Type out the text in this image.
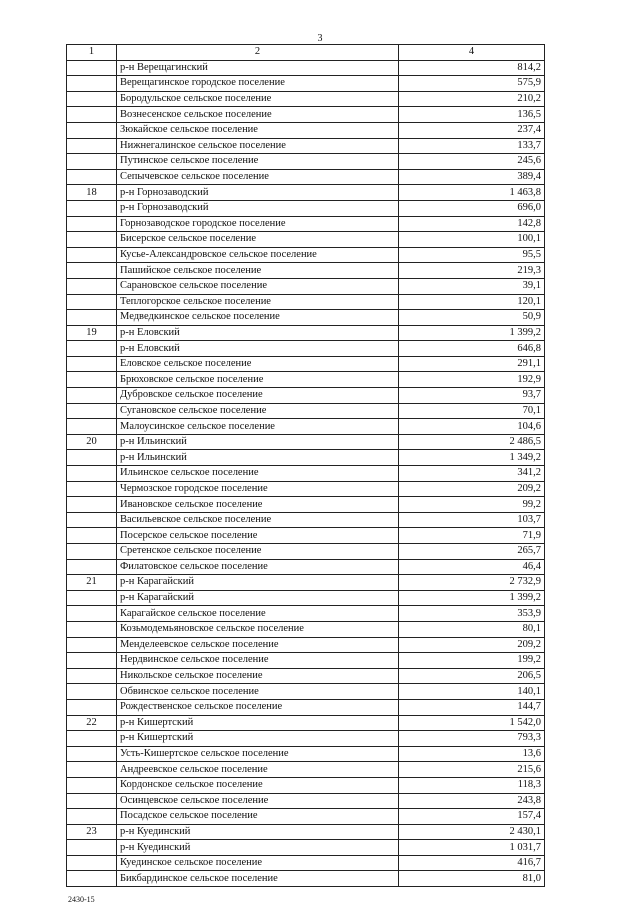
3
1	2	4
	р-н Верещагинский	814,2
	Верещагинское городское поселение	575,9
	Бородульское сельское поселение	210,2
	Вознесенское сельское поселение	136,5
	Зюкайское сельское поселение	237,4
	Нижнегалинское сельское поселение	133,7
	Путинское сельское поселение	245,6
	Сепычевское сельское поселение	389,4
18	р-н Горнозаводский	1 463,8
	р-н Горнозаводский	696,0
	Горнозаводское городское поселение	142,8
	Бисерское сельское поселение	100,1
	Кусье-Александровское сельское поселение	95,5
	Пашийское сельское поселение	219,3
	Сарановское сельское поселение	39,1
	Теплогорское сельское поселение	120,1
	Медведкинское сельское поселение	50,9
19	р-н Еловский	1 399,2
	р-н Еловский	646,8
	Еловское сельское поселение	291,1
	Брюховское сельское поселение	192,9
	Дубровское сельское поселение	93,7
	Сугановское сельское поселение	70,1
	Малоусинское сельское поселение	104,6
20	р-н Ильинский	2 486,5
	р-н Ильинский	1 349,2
	Ильинское сельское поселение	341,2
	Чермозское городское поселение	209,2
	Ивановское сельское поселение	99,2
	Васильевское сельское поселение	103,7
	Посерское сельское поселение	71,9
	Сретенское сельское поселение	265,7
	Филатовское сельское поселение	46,4
21	р-н Карагайский	2 732,9
	р-н Карагайский	1 399,2
	Карагайское сельское поселение	353,9
	Козьмодемьяновское сельское поселение	80,1
	Менделеевское сельское поселение	209,2
	Нердвинское сельское поселение	199,2
	Никольское сельское поселение	206,5
	Обвинское сельское поселение	140,1
	Рождественское сельское поселение	144,7
22	р-н Кишертский	1 542,0
	р-н Кишертский	793,3
	Усть-Кишертское сельское поселение	13,6
	Андреевское сельское поселение	215,6
	Кордонское сельское поселение	118,3
	Осинцевское сельское поселение	243,8
	Посадское сельское поселение	157,4
23	р-н Куединский	2 430,1
	р-н Куединский	1 031,7
	Куединское сельское поселение	416,7
	Бикбардинское сельское поселение	81,0
2430-15
